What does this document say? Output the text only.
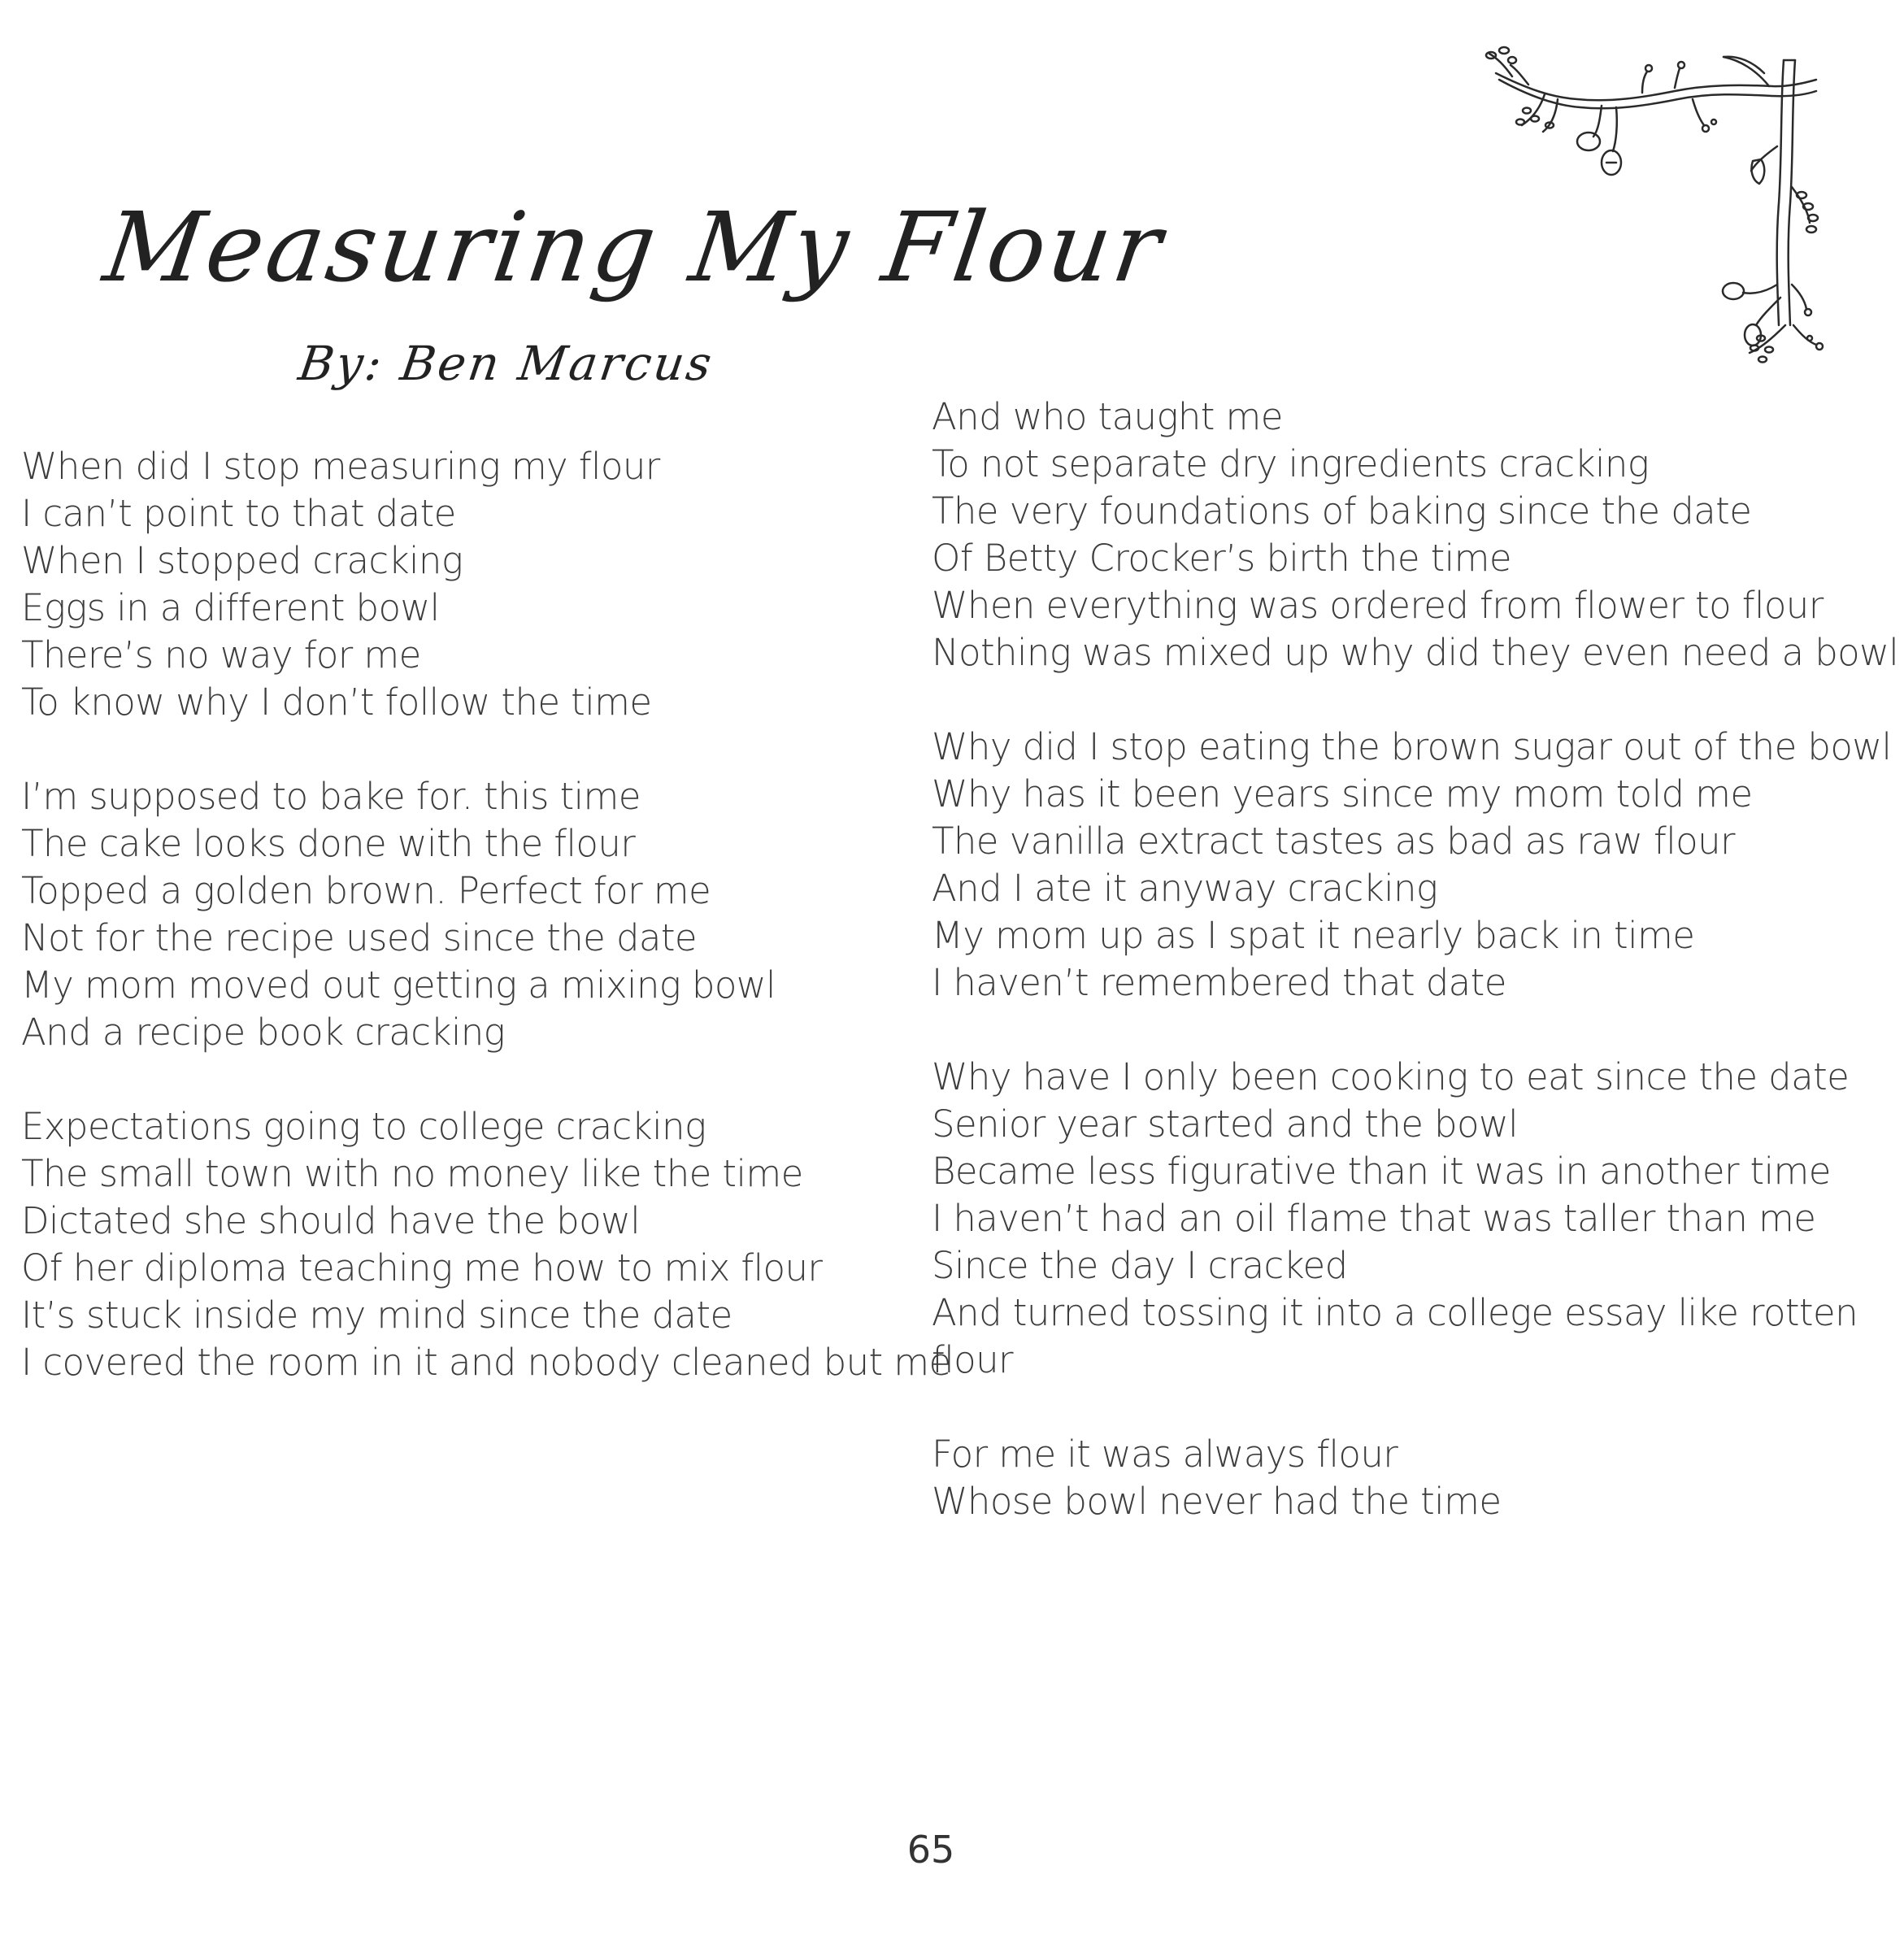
Measuring My Flour
By: Ben Marcus
When did I stop measuring my flour
I can’t point to that date
When I stopped cracking
Eggs in a different bowl
There’s no way for me
To know why I don’t follow the time
I’m supposed to bake for. this time
The cake looks done with the flour
Topped a golden brown. Perfect for me
Not for the recipe used since the date
My mom moved out getting a mixing bowl
And a recipe book cracking
Expectations going to college cracking
The small town with no money like the time
Dictated she should have the bowl
Of her diploma teaching me how to mix flour
It’s stuck inside my mind since the date
I covered the room in it and nobody cleaned but me
And who taught me
To not separate dry ingredients cracking
The very foundations of baking since the date
Of Betty Crocker’s birth the time
When everything was ordered from flower to flour
Nothing was mixed up why did they even need a bowl
Why did I stop eating the brown sugar out of the bowl
Why has it been years since my mom told me
The vanilla extract tastes as bad as raw flour
And I ate it anyway cracking
My mom up as I spat it nearly back in time
I haven’t remembered that date
Why have I only been cooking to eat since the date
Senior year started and the bowl
Became less figurative than it was in another time
I haven’t had an oil flame that was taller than me
Since the day I cracked
And turned tossing it into a college essay like rotten
flour
For me it was always flour
Whose bowl never had the time
65
